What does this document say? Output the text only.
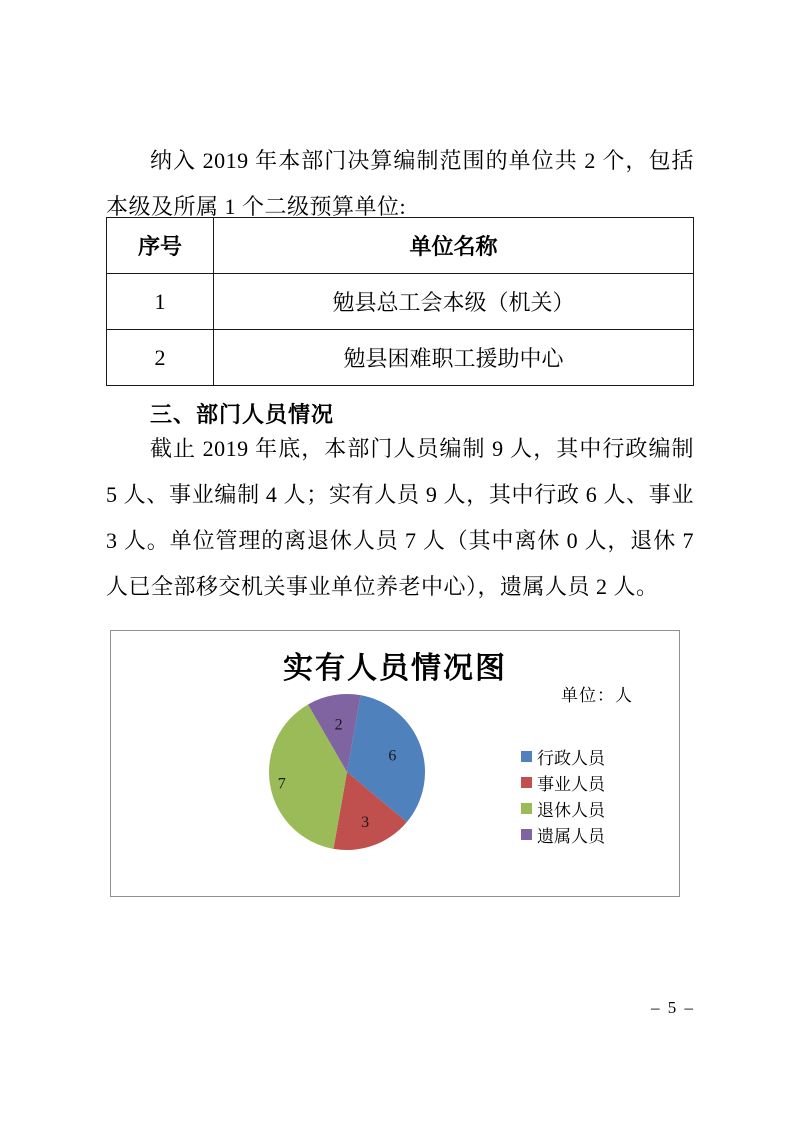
纳入 2019 年本部门决算编制范围的单位共 2 个，包括本级及所属 1 个二级预算单位:

序号	单位名称
1	勉县总工会本级（机关）
2	勉县困难职工援助中心
三、部门人员情况

截止 2019 年底，本部门人员编制 9 人，其中行政编制 5 人、事业编制 4 人；实有人员 9 人，其中行政 6 人、事业 3 人。单位管理的离退休人员 7 人（其中离休 0 人，退休 7 人已全部移交机关事业单位养老中心），遗属人员 2 人。

实有人员情况图
单位：人
6
3
7
2
行政人员
事业人员
退休人员
遗属人员
– 5 –
